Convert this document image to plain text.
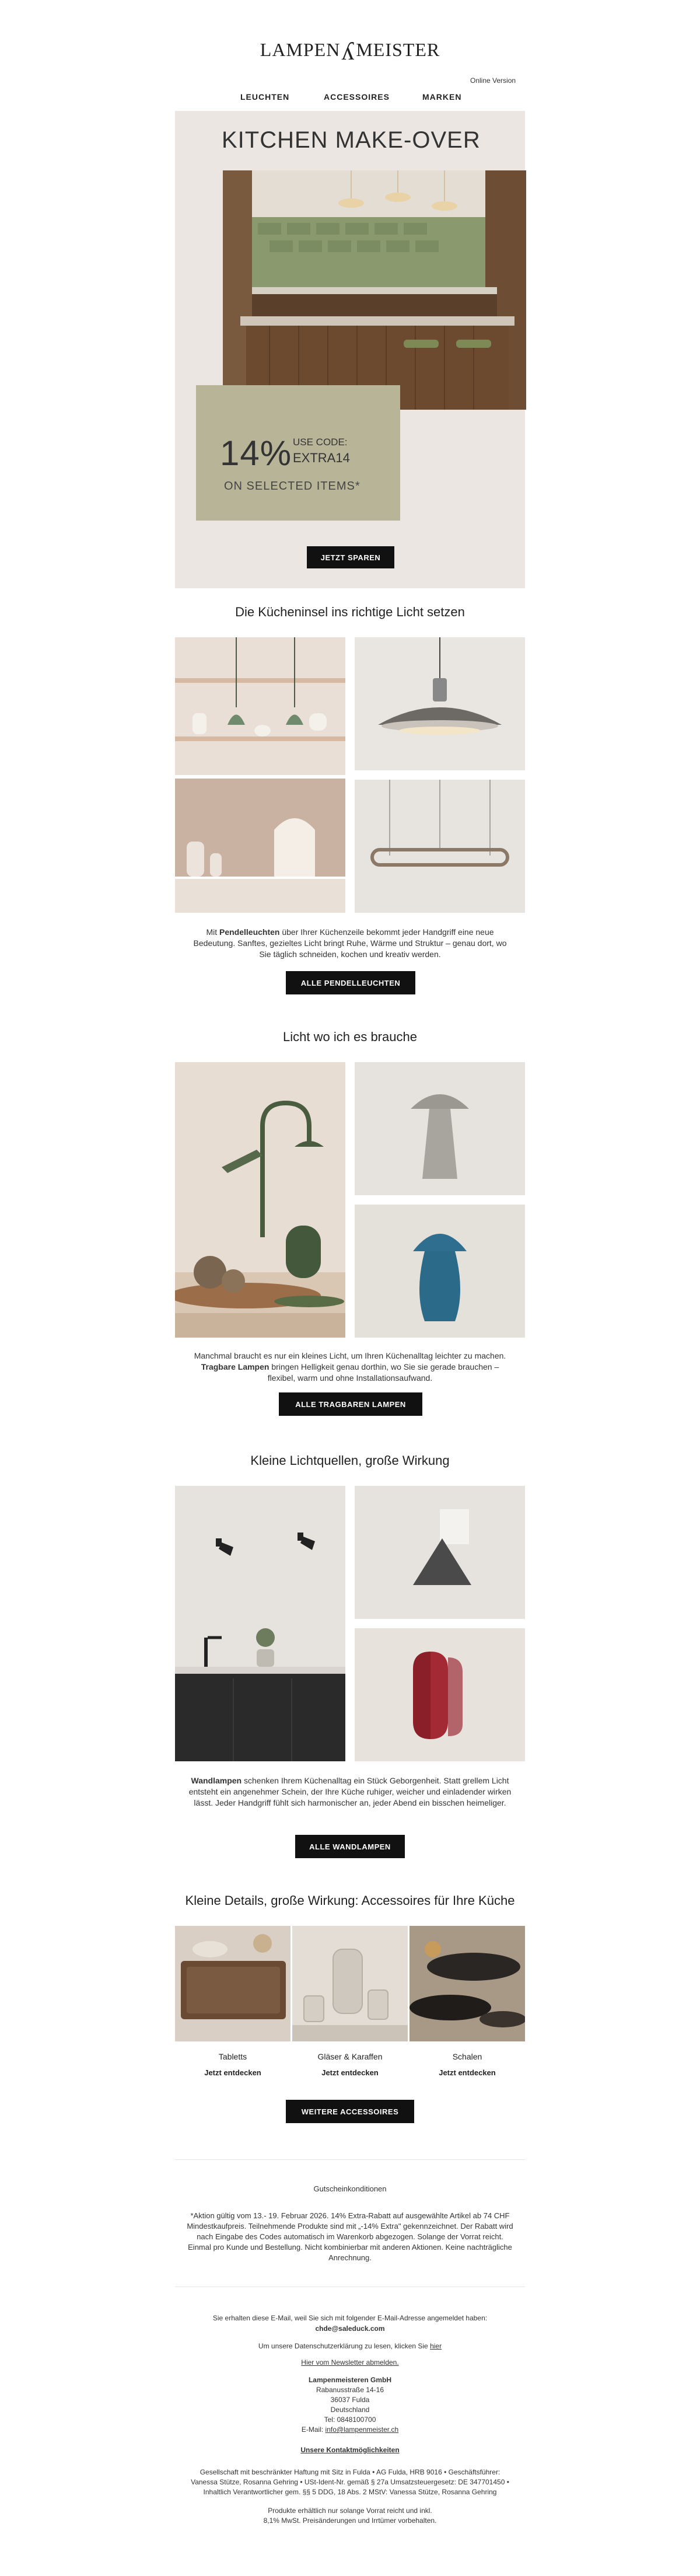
LAMPENʎMEISTER
Online Version
LEUCHTEN	ACCESSOIRES	MARKEN
KITCHEN MAKE-OVER
14% USE CODE:
EXTRA14
ON SELECTED ITEMS*
JETZT SPAREN
Die Kücheninsel ins richtige Licht setzen
Mit Pendelleuchten über Ihrer Küchenzeile bekommt jeder Handgriff eine neue Bedeutung. Sanftes, gezieltes Licht bringt Ruhe, Wärme und Struktur – genau dort, wo Sie täglich schneiden, kochen und kreativ werden.
ALLE PENDELLEUCHTEN
Licht wo ich es brauche
Manchmal braucht es nur ein kleines Licht, um Ihren Küchenalltag leichter zu machen. Tragbare Lampen bringen Helligkeit genau dorthin, wo Sie sie gerade brauchen – flexibel, warm und ohne Installationsaufwand.
ALLE TRAGBAREN LAMPEN
Kleine Lichtquellen, große Wirkung
Wandlampen schenken Ihrem Küchenalltag ein Stück Geborgenheit. Statt grellem Licht entsteht ein angenehmer Schein, der Ihre Küche ruhiger, weicher und einladender wirken lässt. Jeder Handgriff fühlt sich harmonischer an, jeder Abend ein bisschen heimeliger.
ALLE WANDLAMPEN
Kleine Details, große Wirkung: Accessoires für Ihre Küche
Tabletts
Jetzt entdecken
Gläser & Karaffen
Jetzt entdecken
Schalen
Jetzt entdecken
WEITERE ACCESSOIRES
Gutscheinkonditionen
*Aktion gültig vom 13.- 19. Februar 2026. 14% Extra-Rabatt auf ausgewählte Artikel ab 74 CHF Mindestkaufpreis. Teilnehmende Produkte sind mit „-14% Extra" gekennzeichnet. Der Rabatt wird nach Eingabe des Codes automatisch im Warenkorb abgezogen. Solange der Vorrat reicht. Einmal pro Kunde und Bestellung. Nicht kombinierbar mit anderen Aktionen. Keine nachträgliche Anrechnung.
Sie erhalten diese E-Mail, weil Sie sich mit folgender E-Mail-Adresse angemeldet haben:
chde@saleduck.com
Um unsere Datenschutzerklärung zu lesen, klicken Sie hier
Hier vom Newsletter abmelden.
Lampenmeisteren GmbH
Rabanusstraße 14-16
36037 Fulda
Deutschland
Tel: 0848100700
E-Mail: info@lampenmeister.ch
Unsere Kontaktmöglichkeiten
Gesellschaft mit beschränkter Haftung mit Sitz in Fulda • AG Fulda, HRB 9016 • Geschäftsführer: Vanessa Stütze, Rosanna Gehring • USt-Ident-Nr. gemäß § 27a Umsatzsteuergesetz: DE 347701450 • Inhaltlich Verantwortlicher gem. §§ 5 DDG, 18 Abs. 2 MStV: Vanessa Stütze, Rosanna Gehring
Produkte erhältlich nur solange Vorrat reicht und inkl. 8,1% MwSt. Preisänderungen und Irrtümer vorbehalten.
